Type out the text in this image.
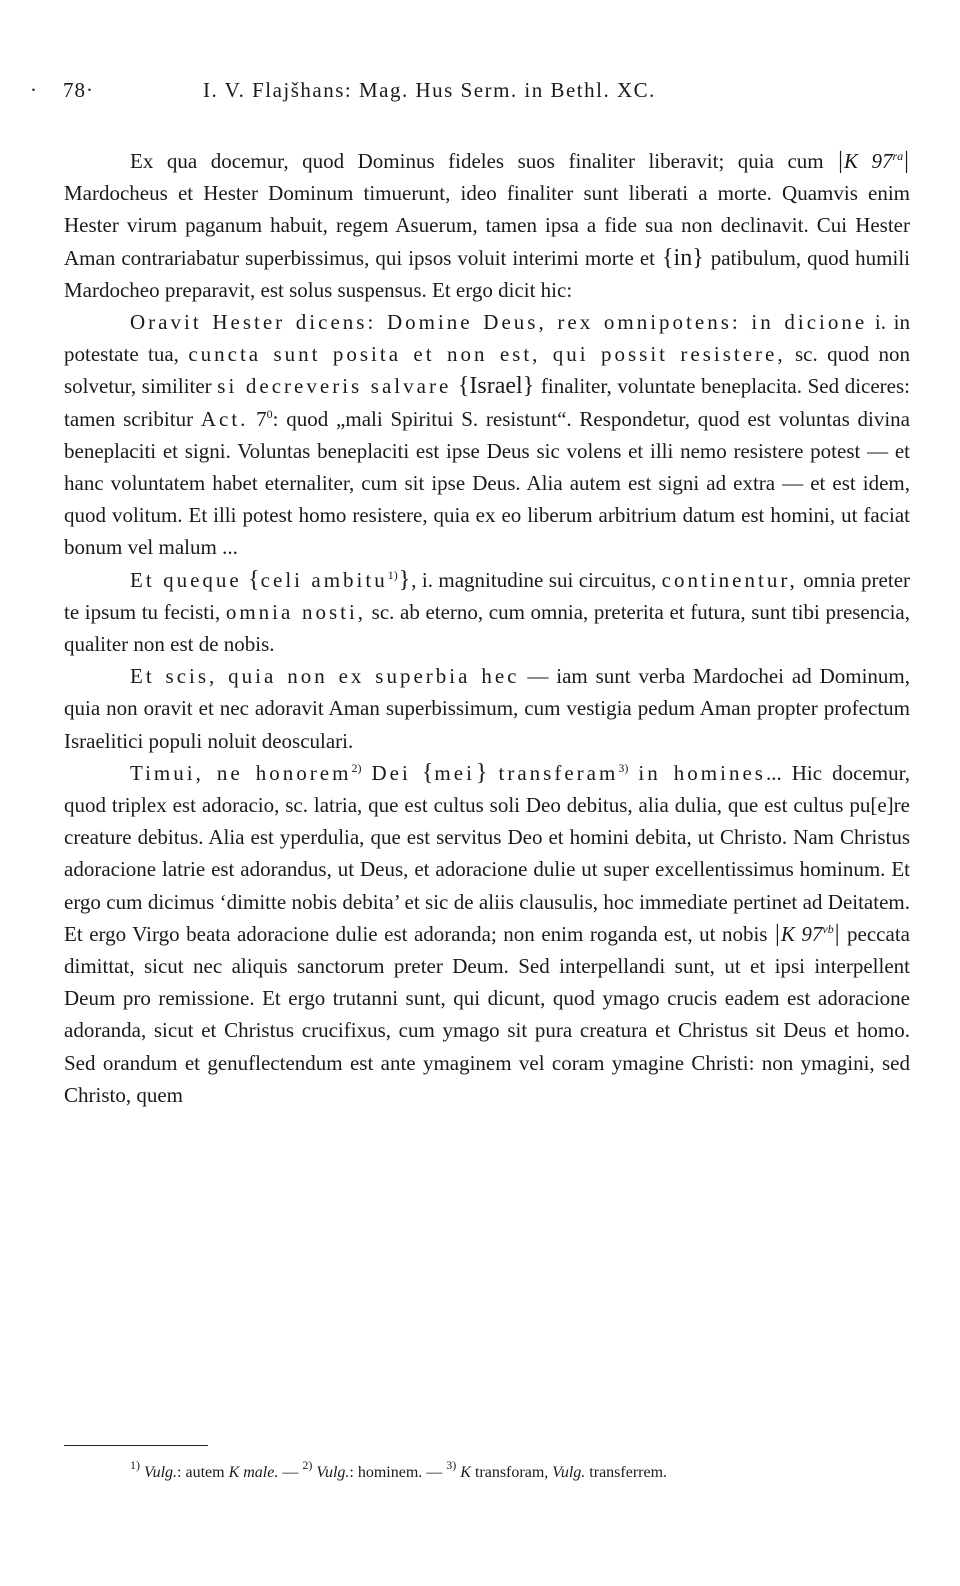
· 78·	I. V. Flajšhans: Mag. Hus Serm. in Bethl. XC.

Ex qua docemur, quod Dominus fideles suos finaliter liberavit; quia cum |K $97^{ra}|$ Mardocheus et Hester Dominum timuerunt, ideo finaliter sunt liberati a morte. Quamvis enim Hester virum paganum habuit, regem Asuerum, tamen ipsa a fide sua non declinavit. Cui Hester Aman contrariabatur superbissimus, qui ipsos voluit interimi morte et {in} patibulum, quod humili Mardocheo preparavit, est solus suspensus. Et ergo dicit hic:

Oravit Hester dicens: Domine Deus, rex omnipotens: in dicione i. in potestate tua, cuncta sunt posita et non est, qui possit resistere, sc. quod non solvetur, similiter si decreveris salvare {Israel} finaliter, voluntate beneplacita. Sed diceres: tamen scribitur Act. $7^0$: quod „mali Spiritui S. resistunt“. Respondetur, quod est voluntas divina beneplaciti et signi. Voluntas beneplaciti est ipse Deus sic volens et illi nemo resistere potest — et hanc voluntatem habet eternaliter, cum sit ipse Deus. Alia autem est signi ad extra — et est idem, quod volitum. Et illi potest homo resistere, quia ex eo liberum arbitrium datum est homini, ut faciat bonum vel malum ...

Et queque {celi ambitu$^{1)}$}, i. magnitudine sui circuitus, continentur, omnia preter te ipsum tu fecisti, omnia nosti, sc. ab eterno, cum omnia, preterita et futura, sunt tibi presencia, qualiter non est de nobis.

Et scis, quia non ex superbia hec — iam sunt verba Mardochei ad Dominum, quia non oravit et nec adoravit Aman superbissimum, cum vestigia pedum Aman propter profectum Israelitici populi noluit deosculari.

Timui, ne honorem$^{2)}$ Dei {mei} transferam$^{3)}$ in homines... Hic docemur, quod triplex est adoracio, sc. latria, que est cultus soli Deo debitus, alia dulia, que est cultus pu[e]re creature debitus. Alia est yperdulia, que est servitus Deo et homini debita, ut Christo. Nam Christus adoracione latrie est adorandus, ut Deus, et adoracione dulie ut super excellentissimus hominum. Et ergo cum dicimus ‘dimitte nobis debita’ et sic de aliis clausulis, hoc immediate pertinet ad Deitatem. Et ergo Virgo beata adoracione dulie est adoranda; non enim roganda est, ut nobis |K $97^{vb}|$ peccata dimittat, sicut nec aliquis sanctorum preter Deum. Sed interpellandi sunt, ut et ipsi interpellent Deum pro remissione. Et ergo trutanni sunt, qui dicunt, quod ymago crucis eadem est adoracione adoranda, sicut et Christus crucifixus, cum ymago sit pura creatura et Christus sit Deus et homo. Sed orandum et genuflectendum est ante ymaginem vel coram ymagine Christi: non ymagini, sed Christo, quem

$^{1)}$ Vulg.: autem K male. — $^{2)}$ Vulg.: hominem. — $^{3)}$ K transforam, Vulg. transferrem.
